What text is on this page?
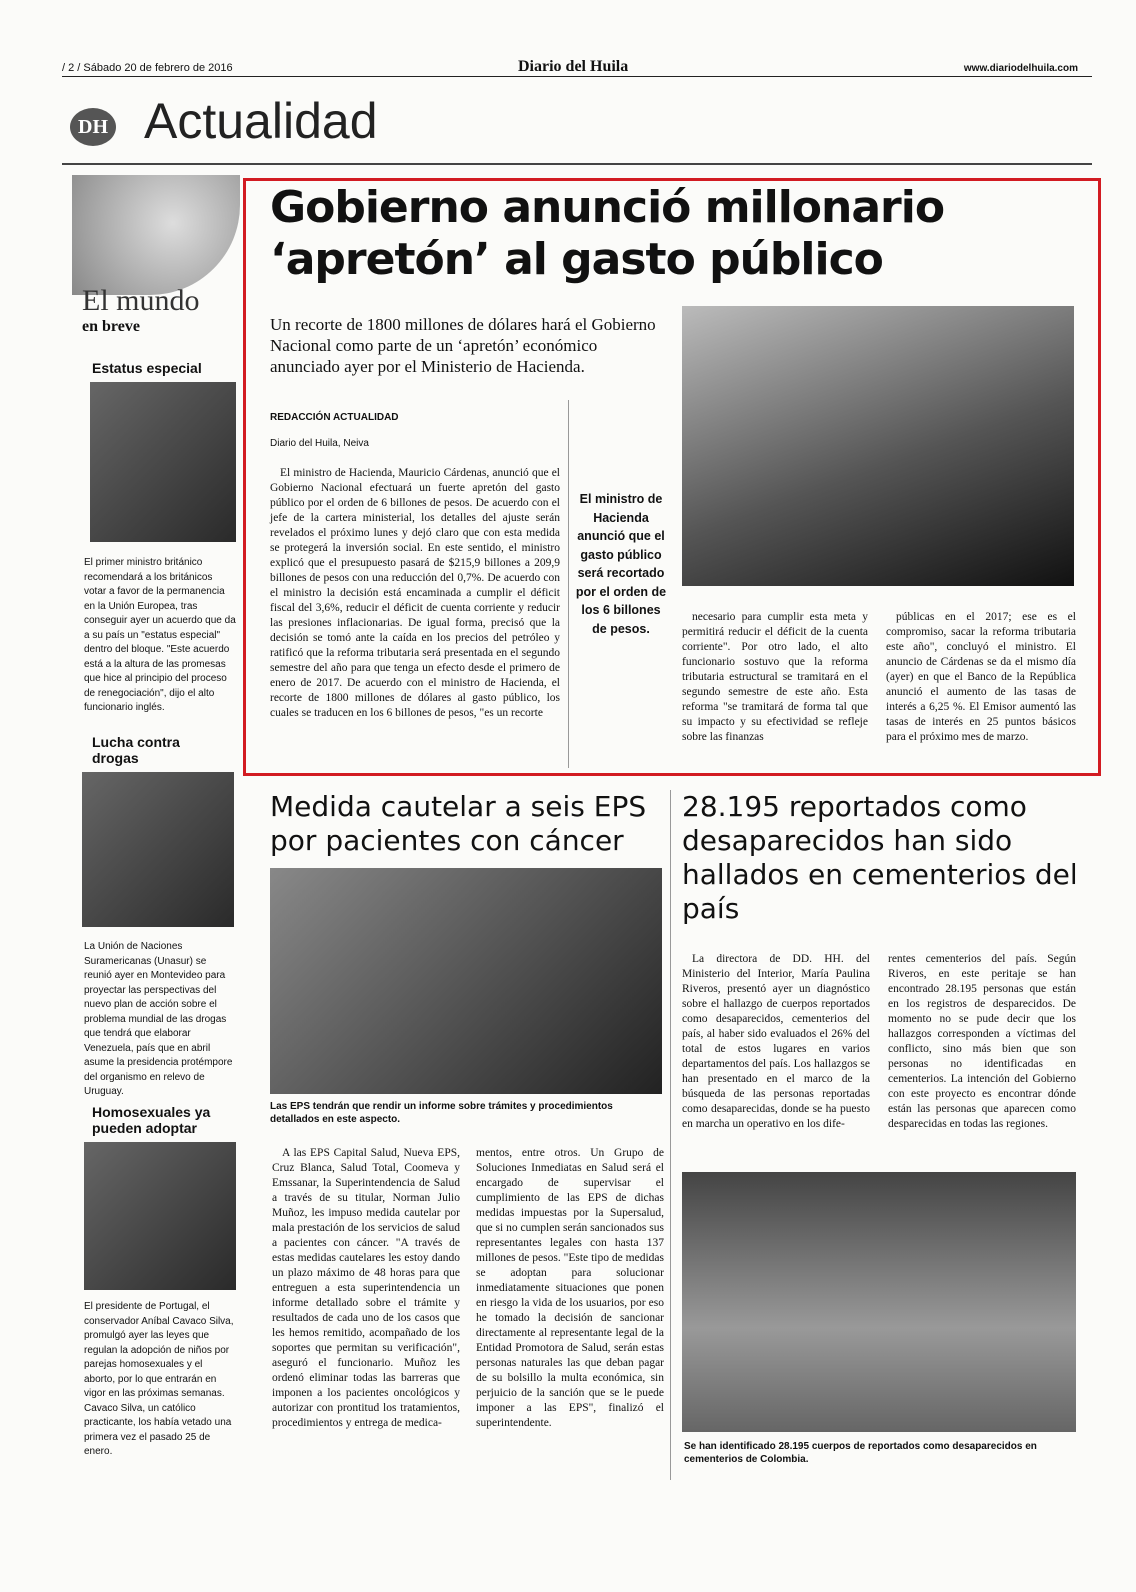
/ 2 / Sábado 20 de febrero de 2016	Diario del Huila	www.diariodelhuila.com
DH Actualidad
El mundo
en breve
Estatus especial
El primer ministro británico recomendará a los británicos votar a favor de la permanencia en la Unión Europea, tras conseguir ayer un acuerdo que da a su país un "estatus especial" dentro del bloque. "Este acuerdo está a la altura de las promesas que hice al principio del proceso de renegociación", dijo el alto funcionario inglés.
Lucha contra drogas
La Unión de Naciones Suramericanas (Unasur) se reunió ayer en Montevideo para proyectar las perspectivas del nuevo plan de acción sobre el problema mundial de las drogas que tendrá que elaborar Venezuela, país que en abril asume la presidencia protémpore del organismo en relevo de Uruguay.
Homosexuales ya pueden adoptar
El presidente de Portugal, el conservador Aníbal Cavaco Silva, promulgó ayer las leyes que regulan la adopción de niños por parejas homosexuales y el aborto, por lo que entrarán en vigor en las próximas semanas. Cavaco Silva, un católico practicante, los había vetado una primera vez el pasado 25 de enero.
Gobierno anunció millonario ‘apretón’ al gasto público
Un recorte de 1800 millones de dólares hará el Gobierno Nacional como parte de un ‘apretón’ económico anunciado ayer por el Ministerio de Hacienda.
REDACCIÓN ACTUALIDAD
Diario del Huila, Neiva
El ministro de Hacienda, Mauricio Cárdenas, anunció que el Gobierno Nacional efectuará un fuerte apretón del gasto público por el orden de 6 billones de pesos. De acuerdo con el jefe de la cartera ministerial, los detalles del ajuste serán revelados el próximo lunes y dejó claro que con esta medida se protegerá la inversión social. En este sentido, el ministro explicó que el presupuesto pasará de $215,9 billones a 209,9 billones de pesos con una reducción del 0,7%. De acuerdo con el ministro la decisión está encaminada a cumplir el déficit fiscal del 3,6%, reducir el déficit de cuenta corriente y reducir las presiones inflacionarias. De igual forma, precisó que la decisión se tomó ante la caída en los precios del petróleo y ratificó que la reforma tributaria será presentada en el segundo semestre del año para que tenga un efecto desde el primero de enero de 2017. De acuerdo con el ministro de Hacienda, el recorte de 1800 millones de dólares al gasto público, los cuales se traducen en los 6 billones de pesos, "es un recorte
El ministro de Hacienda anunció que el gasto público será recortado por el orden de los 6 billones de pesos.
necesario para cumplir esta meta y permitirá reducir el déficit de la cuenta corriente". Por otro lado, el alto funcionario sostuvo que la reforma tributaria estructural se tramitará en el segundo semestre de este año. Esta reforma "se tramitará de forma tal que su impacto y su efectividad se refleje sobre las finanzas
públicas en el 2017; ese es el compromiso, sacar la reforma tributaria este año", concluyó el ministro. El anuncio de Cárdenas se da el mismo día (ayer) en que el Banco de la República anunció el aumento de las tasas de interés a 6,25 %. El Emisor aumentó las tasas de interés en 25 puntos básicos para el próximo mes de marzo.
Medida cautelar a seis EPS por pacientes con cáncer
Las EPS tendrán que rendir un informe sobre trámites y procedimientos detallados en este aspecto.
A las EPS Capital Salud, Nueva EPS, Cruz Blanca, Salud Total, Coomeva y Emssanar, la Superintendencia de Salud a través de su titular, Norman Julio Muñoz, les impuso medida cautelar por mala prestación de los servicios de salud a pacientes con cáncer. "A través de estas medidas cautelares les estoy dando un plazo máximo de 48 horas para que entreguen a esta superintendencia un informe detallado sobre el trámite y resultados de cada uno de los casos que les hemos remitido, acompañado de los soportes que permitan su verificación", aseguró el funcionario. Muñoz les ordenó eliminar todas las barreras que imponen a los pacientes oncológicos y autorizar con prontitud los tratamientos, procedimientos y entrega de medica-
mentos, entre otros. Un Grupo de Soluciones Inmediatas en Salud será el encargado de supervisar el cumplimiento de las EPS de dichas medidas impuestas por la Supersalud, que si no cumplen serán sancionados sus representantes legales con hasta 137 millones de pesos. "Este tipo de medidas se adoptan para solucionar inmediatamente situaciones que ponen en riesgo la vida de los usuarios, por eso he tomado la decisión de sancionar directamente al representante legal de la Entidad Promotora de Salud, serán estas personas naturales las que deban pagar de su bolsillo la multa económica, sin perjuicio de la sanción que se le puede imponer a las EPS", finalizó el superintendente.
28.195 reportados como desaparecidos han sido hallados en cementerios del país
La directora de DD. HH. del Ministerio del Interior, María Paulina Riveros, presentó ayer un diagnóstico sobre el hallazgo de cuerpos reportados como desaparecidos, cementerios del país, al haber sido evaluados el 26% del total de estos lugares en varios departamentos del país. Los hallazgos se han presentado en el marco de la búsqueda de las personas reportadas como desaparecidas, donde se ha puesto en marcha un operativo en los dife-
rentes cementerios del país. Según Riveros, en este peritaje se han encontrado 28.195 personas que están en los registros de desparecidos. De momento no se pude decir que los hallazgos corresponden a víctimas del conflicto, sino más bien que son personas no identificadas en cementerios. La intención del Gobierno con este proyecto es encontrar dónde están las personas que aparecen como desparecidas en todas las regiones.
Se han identificado 28.195 cuerpos de reportados como desaparecidos en cementerios de Colombia.
